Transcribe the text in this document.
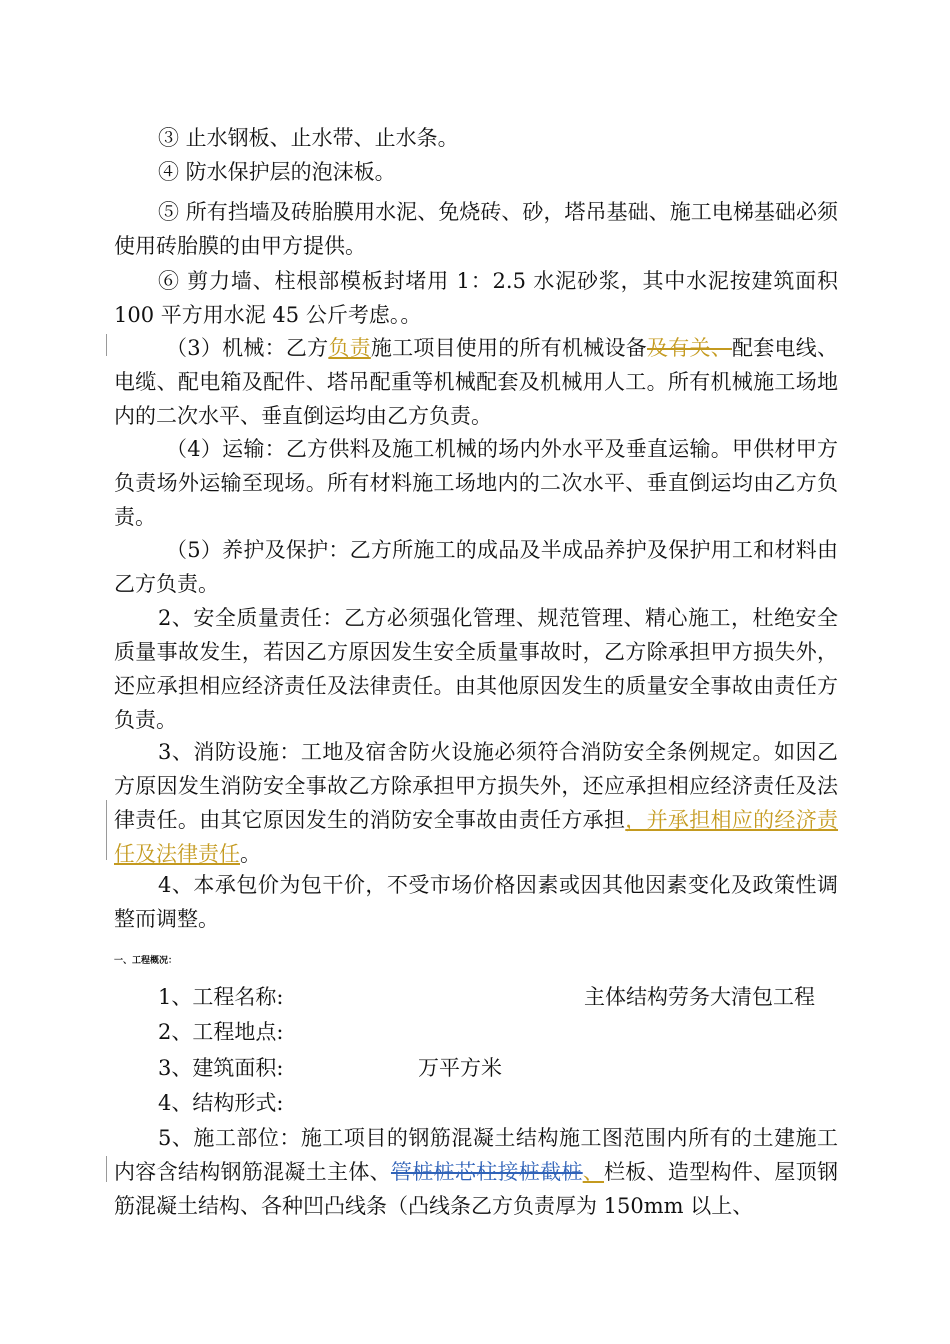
③ 止水钢板、止水带、止水条。
④ 防水保护层的泡沫板。
⑤ 所有挡墙及砖胎膜用水泥、免烧砖、砂，塔吊基础、施工电梯基础必须使用砖胎膜的由甲方提供。
⑥ 剪力墙、柱根部模板封堵用 1：2.5 水泥砂浆，其中水泥按建筑面积 100 平方用水泥 45 公斤考虑。。
（3）机械：乙方负责施工项目使用的所有机械设备及有关、配套电线、电缆、配电箱及配件、塔吊配重等机械配套及机械用人工。所有机械施工场地内的二次水平、垂直倒运均由乙方负责。
（4）运输：乙方供料及施工机械的场内外水平及垂直运输。甲供材甲方负责场外运输至现场。所有材料施工场地内的二次水平、垂直倒运均由乙方负责。
（5）养护及保护：乙方所施工的成品及半成品养护及保护用工和材料由乙方负责。
2、安全质量责任：乙方必须强化管理、规范管理、精心施工，杜绝安全质量事故发生，若因乙方原因发生安全质量事故时，乙方除承担甲方损失外，还应承担相应经济责任及法律责任。由其他原因发生的质量安全事故由责任方负责。
3、消防设施：工地及宿舍防火设施必须符合消防安全条例规定。如因乙方原因发生消防安全事故乙方除承担甲方损失外，还应承担相应经济责任及法律责任。由其它原因发生的消防安全事故由责任方承担，并承担相应的经济责任及法律责任。
4、本承包价为包干价，不受市场价格因素或因其他因素变化及政策性调整而调整。
一、工程概况：
1、工程名称:	主体结构劳务大清包工程
2、工程地点:
3、建筑面积:	万平方米
4、结构形式:
5、施工部位：施工项目的钢筋混凝土结构施工图范围内所有的土建施工内容含结构钢筋混凝土主体、管桩桩芯柱接桩截桩、栏板、造型构件、屋顶钢筋混凝土结构、各种凹凸线条（凸线条乙方负责厚为 150mm 以上、
